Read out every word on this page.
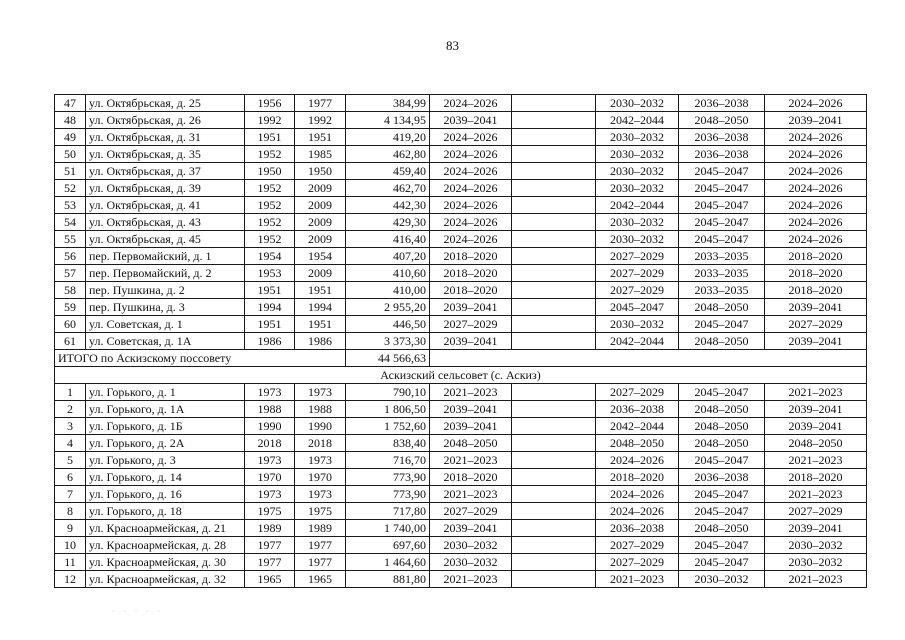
83
47	ул. Октябрьская, д. 25	1956	1977	384,99	2024–2026		2030–2032	2036–2038	2024–2026
48	ул. Октябрьская, д. 26	1992	1992	4 134,95	2039–2041		2042–2044	2048–2050	2039–2041
49	ул. Октябрьская, д. 31	1951	1951	419,20	2024–2026		2030–2032	2036–2038	2024–2026
50	ул. Октябрьская, д. 35	1952	1985	462,80	2024–2026		2030–2032	2036–2038	2024–2026
51	ул. Октябрьская, д. 37	1950	1950	459,40	2024–2026		2030–2032	2045–2047	2024–2026
52	ул. Октябрьская, д. 39	1952	2009	462,70	2024–2026		2030–2032	2045–2047	2024–2026
53	ул. Октябрьская, д. 41	1952	2009	442,30	2024–2026		2042–2044	2045–2047	2024–2026
54	ул. Октябрьская, д. 43	1952	2009	429,30	2024–2026		2030–2032	2045–2047	2024–2026
55	ул. Октябрьская, д. 45	1952	2009	416,40	2024–2026		2030–2032	2045–2047	2024–2026
56	пер. Первомайский, д. 1	1954	1954	407,20	2018–2020		2027–2029	2033–2035	2018–2020
57	пер. Первомайский, д. 2	1953	2009	410,60	2018–2020		2027–2029	2033–2035	2018–2020
58	пер. Пушкина, д. 2	1951	1951	410,00	2018–2020		2027–2029	2033–2035	2018–2020
59	пер. Пушкина, д. 3	1994	1994	2 955,20	2039–2041		2045–2047	2048–2050	2039–2041
60	ул. Советская, д. 1	1951	1951	446,50	2027–2029		2030–2032	2045–2047	2027–2029
61	ул. Советская, д. 1А	1986	1986	3 373,30	2039–2041		2042–2044	2048–2050	2039–2041
ИТОГО по Аскизскому поссовету				44 566,63					
Аскизский сельсовет (с. Аскиз)									
1	ул. Горького, д. 1	1973	1973	790,10	2021–2023		2027–2029	2045–2047	2021–2023
2	ул. Горького, д. 1А	1988	1988	1 806,50	2039–2041		2036–2038	2048–2050	2039–2041
3	ул. Горького, д. 1Б	1990	1990	1 752,60	2039–2041		2042–2044	2048–2050	2039–2041
4	ул. Горького, д. 2А	2018	2018	838,40	2048–2050		2048–2050	2048–2050	2048–2050
5	ул. Горького, д. 3	1973	1973	716,70	2021–2023		2024–2026	2045–2047	2021–2023
6	ул. Горького, д. 14	1970	1970	773,90	2018–2020		2018–2020	2036–2038	2018–2020
7	ул. Горького, д. 16	1973	1973	773,90	2021–2023		2024–2026	2045–2047	2021–2023
8	ул. Горького, д. 18	1975	1975	717,80	2027–2029		2024–2026	2045–2047	2027–2029
9	ул. Красноармейская, д. 21	1989	1989	1 740,00	2039–2041		2036–2038	2048–2050	2039–2041
10	ул. Красноармейская, д. 28	1977	1977	697,60	2030–2032		2027–2029	2045–2047	2030–2032
11	ул. Красноармейская, д. 30	1977	1977	1 464,60	2030–2032		2027–2029	2045–2047	2030–2032
12	ул. Красноармейская, д. 32	1965	1965	881,80	2021–2023		2021–2023	2030–2032	2021–2023
· · · · ·
